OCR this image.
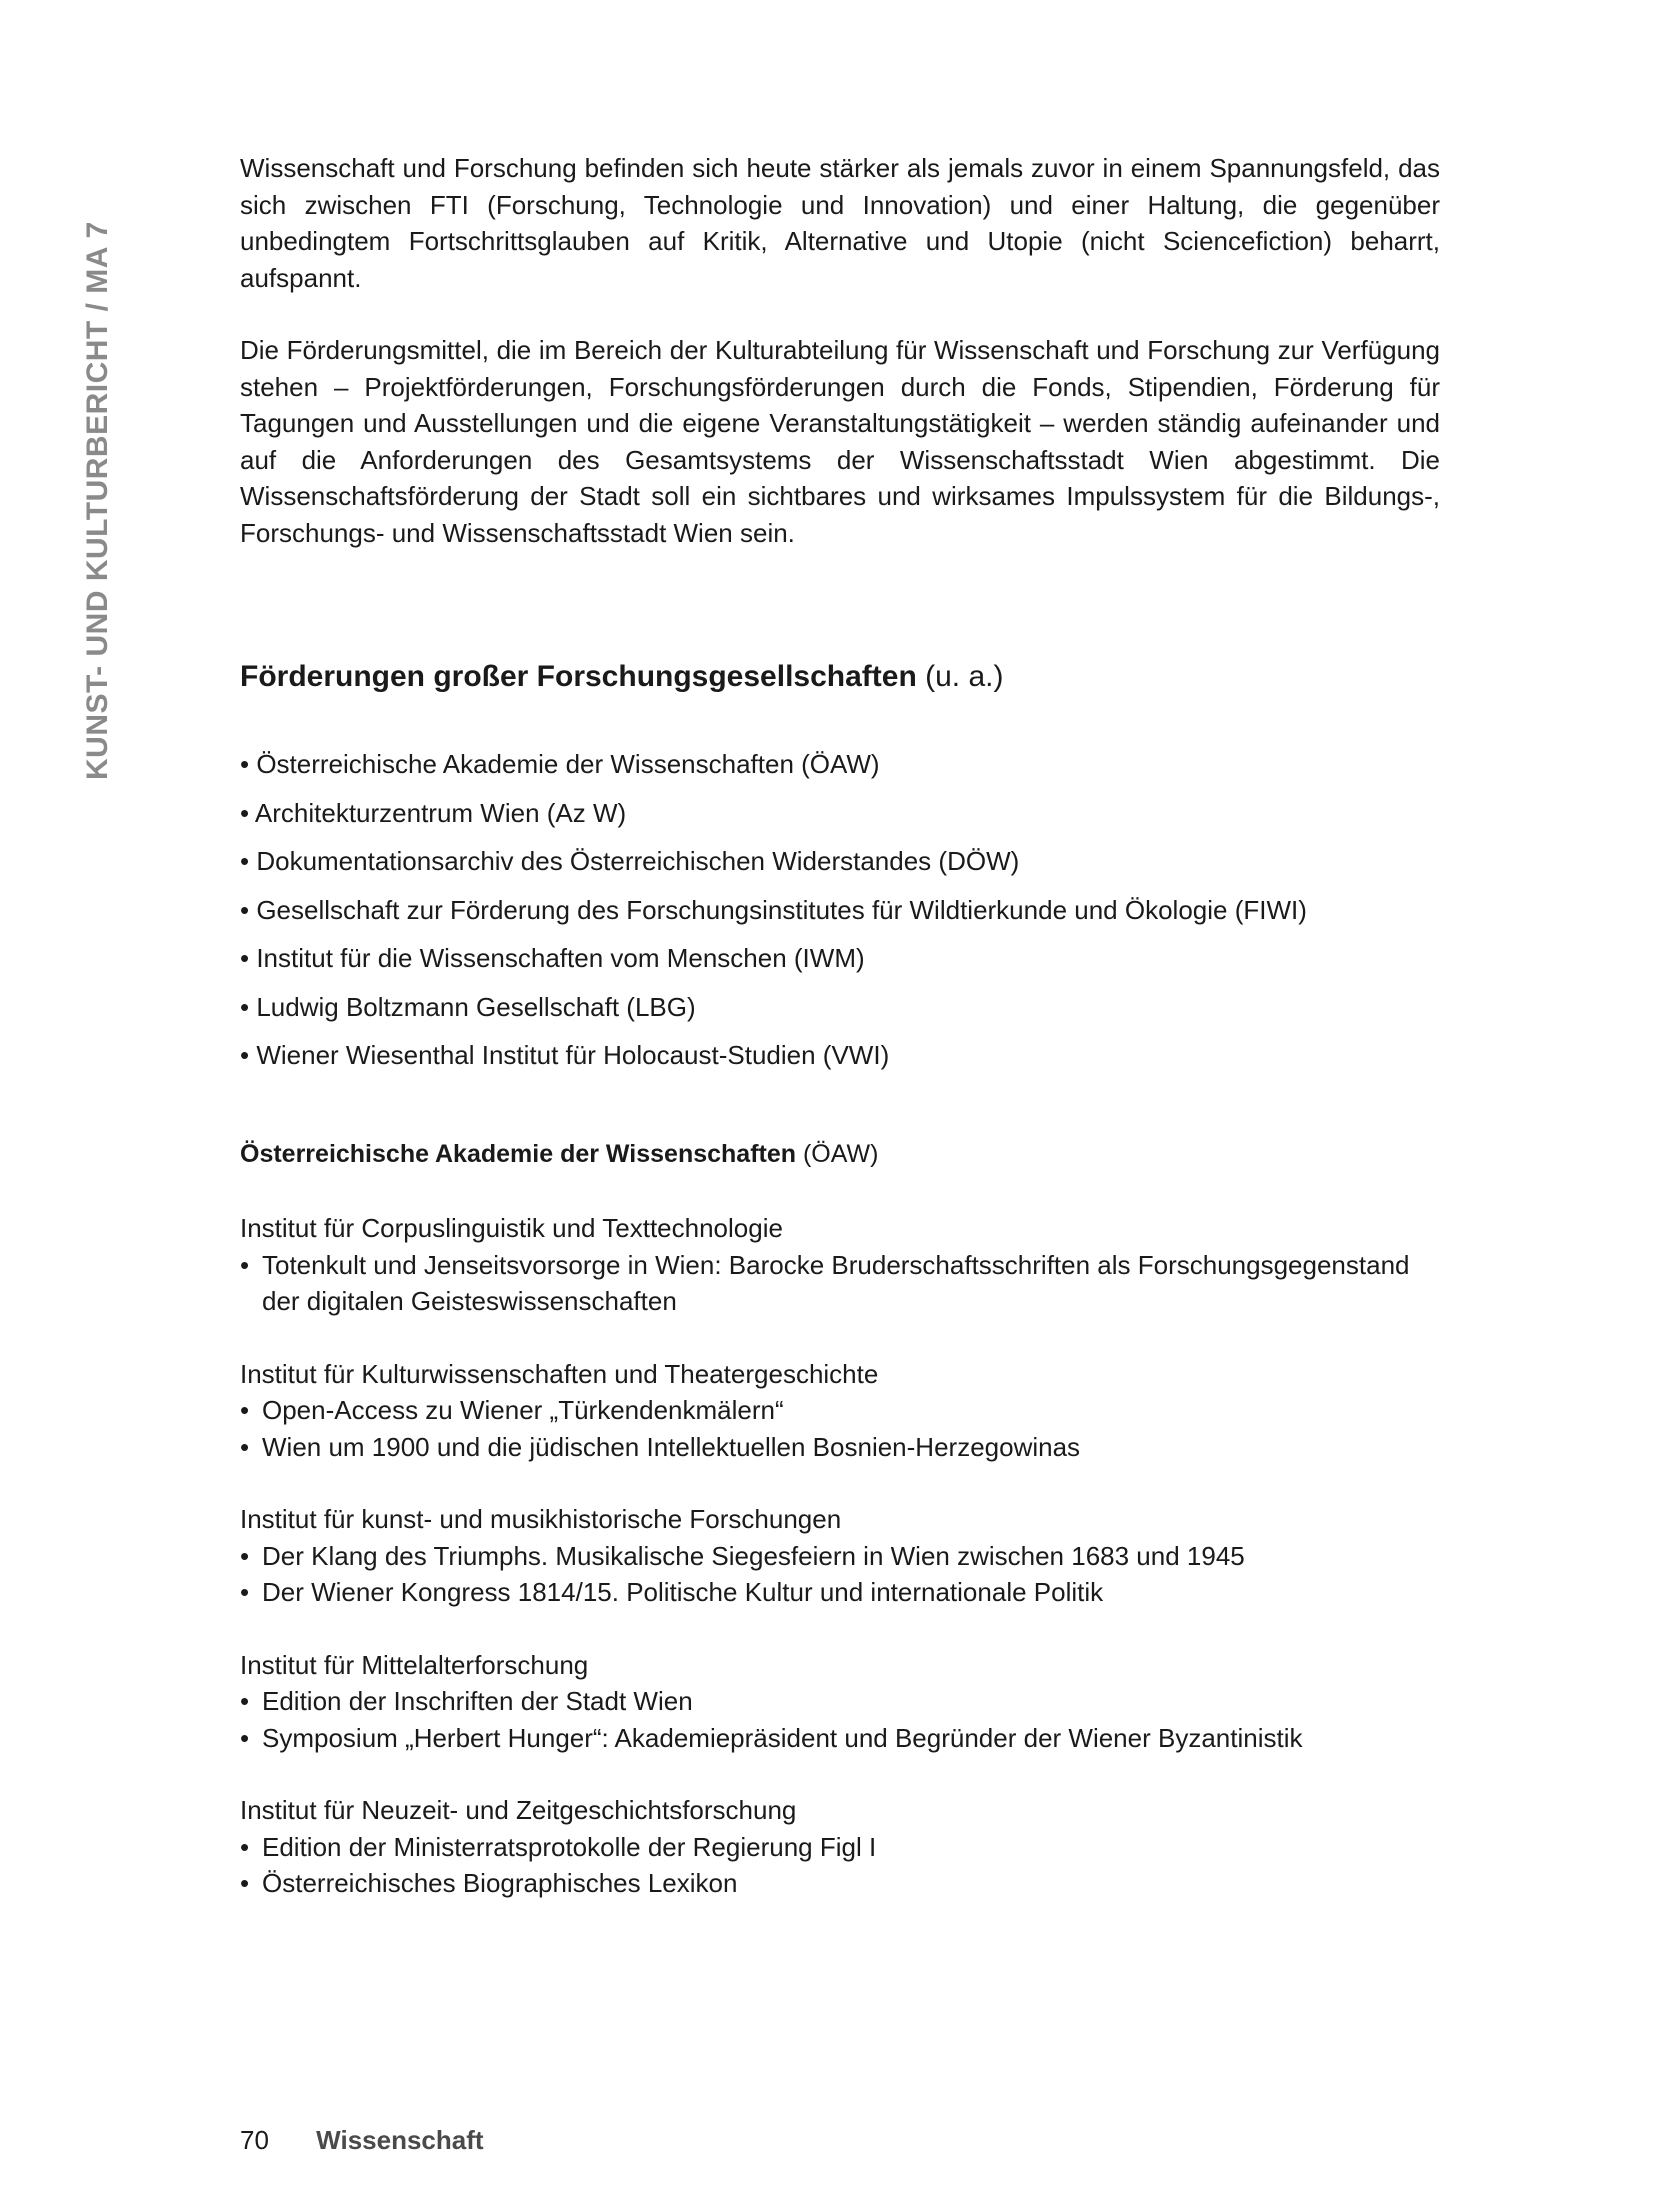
KUNST- UND KULTURBERICHT / MA 7

Wissenschaft und Forschung befinden sich heute stärker als jemals zuvor in einem Spannungsfeld, das sich zwischen FTI (Forschung, Technologie und Innovation) und einer Haltung, die gegenüber unbedingtem Fortschrittsglauben auf Kritik, Alternative und Utopie (nicht Sciencefiction) beharrt, aufspannt.

Die Förderungsmittel, die im Bereich der Kulturabteilung für Wissenschaft und Forschung zur Verfügung stehen – Projektförderungen, Forschungsförderungen durch die Fonds, Stipendien, Förderung für Tagungen und Ausstellungen und die eigene Veranstaltungstätigkeit – werden ständig aufeinander und auf die Anforderungen des Gesamtsystems der Wissenschaftsstadt Wien abgestimmt. Die Wissenschaftsförderung der Stadt soll ein sichtbares und wirksames Impulssystem für die Bildungs-, Forschungs- und Wissenschaftsstadt Wien sein.

Förderungen großer Forschungsgesellschaften (u. a.)
• Österreichische Akademie der Wissenschaften (ÖAW)
• Architekturzentrum Wien (Az W)
• Dokumentationsarchiv des Österreichischen Widerstandes (DÖW)
• Gesellschaft zur Förderung des Forschungsinstitutes für Wildtierkunde und Ökologie (FIWI)
• Institut für die Wissenschaften vom Menschen (IWM)
• Ludwig Boltzmann Gesellschaft (LBG)
• Wiener Wiesenthal Institut für Holocaust-Studien (VWI)
Österreichische Akademie der Wissenschaften (ÖAW)
Institut für Corpuslinguistik und Texttechnologie
• Totenkult und Jenseitsvorsorge in Wien: Barocke Bruderschaftsschriften als Forschungsgegenstand der digitalen Geisteswissenschaften
Institut für Kulturwissenschaften und Theatergeschichte
• Open-Access zu Wiener „Türkendenkmälern“
• Wien um 1900 und die jüdischen Intellektuellen Bosnien-Herzegowinas
Institut für kunst- und musikhistorische Forschungen
• Der Klang des Triumphs. Musikalische Siegesfeiern in Wien zwischen 1683 und 1945
• Der Wiener Kongress 1814/15. Politische Kultur und internationale Politik
Institut für Mittelalterforschung
• Edition der Inschriften der Stadt Wien
• Symposium „Herbert Hunger“: Akademiepräsident und Begründer der Wiener Byzantinistik
Institut für Neuzeit- und Zeitgeschichtsforschung
• Edition der Ministerratsprotokolle der Regierung Figl I
• Österreichisches Biographisches Lexikon
70 Wissenschaft
